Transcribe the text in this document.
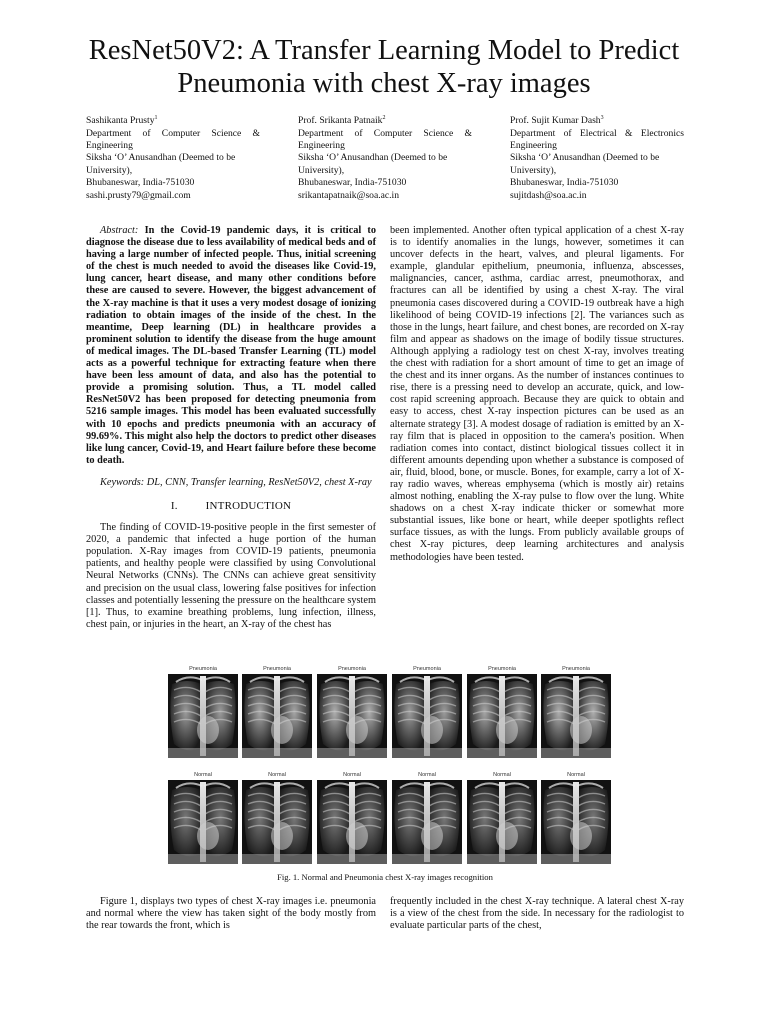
ResNet50V2: A Transfer Learning Model to Predict Pneumonia with chest X-ray images
Sashikanta Prusty$^1$
Department of Computer Science &
Engineering
Siksha ‘O’ Anusandhan (Deemed to be
University),
Bhubaneswar, India-751030
sashi.prusty79@gmail.com
Prof. Srikanta Patnaik$^2$
Department of Computer Science &
Engineering
Siksha ‘O’ Anusandhan (Deemed to be
University),
Bhubaneswar, India-751030
srikantapatnaik@soa.ac.in
Prof. Sujit Kumar Dash$^3$
Department of Electrical & Electronics
Engineering
Siksha ‘O’ Anusandhan (Deemed to be
University),
Bhubaneswar, India-751030
sujitdash@soa.ac.in

Abstract: In the Covid-19 pandemic days, it is critical to diagnose the disease due to less availability of medical beds and of having a large number of infected people. Thus, initial screening of the chest is much needed to avoid the diseases like Covid-19, lung cancer, heart disease, and many other conditions before these are caused to severe. However, the biggest advancement of the X-ray machine is that it uses a very modest dosage of ionizing radiation to obtain images of the inside of the chest. In the meantime, Deep learning (DL) in healthcare provides a prominent solution to identify the disease from the huge amount of medical images. The DL-based Transfer Learning (TL) model acts as a powerful technique for extracting feature when there have been less amount of data, and also has the potential to provide a promising solution. Thus, a TL model called ResNet50V2 has been proposed for detecting pneumonia from 5216 sample images. This model has been evaluated successfully with 10 epochs and predicts pneumonia with an accuracy of 99.69%. This might also help the doctors to predict other diseases like lung cancer, Covid-19, and Heart failure before these become to death.

Keywords: DL, CNN, Transfer learning, ResNet50V2, chest X-ray

I.	INTRODUCTION

The finding of COVID-19-positive people in the first semester of 2020, a pandemic that infected a huge portion of the human population. X-Ray images from COVID-19 patients, pneumonia patients, and healthy people were classified by using Convolutional Neural Networks (CNNs). The CNNs can achieve great sensitivity and precision on the usual class, lowering false positives for infection classes and potentially lessening the pressure on the healthcare system [1]. Thus, to examine breathing problems, lung infection, illness, chest pain, or injuries in the heart, an X-ray of the chest has

been implemented. Another often typical application of a chest X-ray is to identify anomalies in the lungs, however, sometimes it can uncover defects in the heart, valves, and pleural ligaments. For example, glandular epithelium, pneumonia, influenza, abscesses, malignancies, cancer, asthma, cardiac arrest, pneumothorax, and fractures can all be identified by using a chest X-ray. The viral pneumonia cases discovered during a COVID-19 outbreak have a high likelihood of being COVID-19 infections [2]. The variances such as those in the lungs, heart failure, and chest bones, are recorded on X-ray film and appear as shadows on the image of bodily tissue structures. Although applying a radiology test on chest X-ray, involves treating the chest with radiation for a short amount of time to get an image of the chest and its inner organs. As the number of instances continues to rise, there is a pressing need to develop an accurate, quick, and low-cost rapid screening approach. Because they are quick to obtain and easy to access, chest X-ray inspection pictures can be used as an alternate strategy [3]. A modest dosage of radiation is emitted by an X-ray film that is placed in opposition to the camera's position. When radiation comes into contact, distinct biological tissues collect it in different amounts depending upon whether a substance is composed of air, fluid, blood, bone, or muscle. Bones, for example, carry a lot of X-ray radio waves, whereas emphysema (which is mostly air) retains almost nothing, enabling the X-ray pulse to flow over the lung. White shadows on a chest X-ray indicate thicker or somewhat more substantial issues, like bone or heart, while deeper spotlights reflect surface tissues, as with the lungs. From publicly available groups of chest X-ray pictures, deep learning architectures and analysis methodologies have been tested.

Pneumonia	Pneumonia	Pneumonia	Pneumonia	Pneumonia	Pneumonia
Normal	Normal	Normal	Normal	Normal	Normal
Fig. 1. Normal and Pneumonia chest X-ray images recognition

Figure 1, displays two types of chest X-ray images i.e. pneumonia and normal where the view has taken sight of the body mostly from the rear towards the front, which is

frequently included in the chest X-ray technique. A lateral chest X-ray is a view of the chest from the side. In necessary for the radiologist to evaluate particular parts of the chest,
